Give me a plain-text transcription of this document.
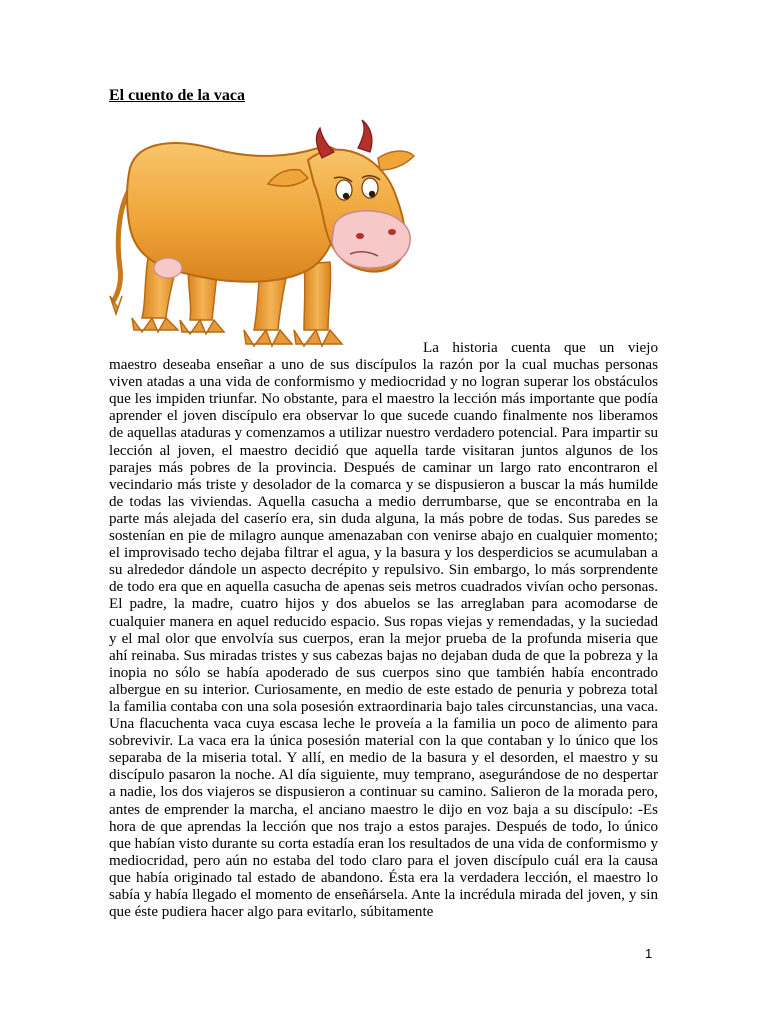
El cuento de la vaca

La historia cuenta que un viejo
maestro deseaba enseñar a uno de sus discípulos la razón por la cual muchas personas viven atadas a una vida de conformismo y mediocridad y no logran superar los obstáculos que les impiden triunfar. No obstante, para el maestro la lección más importante que podía aprender el joven discípulo era observar lo que sucede cuando finalmente nos liberamos de aquellas ataduras y comenzamos a utilizar nuestro verdadero potencial. Para impartir su lección al joven, el maestro decidió que aquella tarde visitaran juntos algunos de los parajes más pobres de la provincia. Después de caminar un largo rato encontraron el vecindario más triste y desolador de la comarca y se dispusieron a buscar la más humilde de todas las viviendas. Aquella casucha a medio derrumbarse, que se encontraba en la parte más alejada del caserío era, sin duda alguna, la más pobre de todas. Sus paredes se sostenían en pie de milagro aunque amenazaban con venirse abajo en cualquier momento; el improvisado techo dejaba filtrar el agua, y la basura y los desperdicios se acumulaban a su alrededor dándole un aspecto decrépito y repulsivo. Sin embargo, lo más sorprendente de todo era que en aquella casucha de apenas seis metros cuadrados vivían ocho personas. El padre, la madre, cuatro hijos y dos abuelos se las arreglaban para acomodarse de cualquier manera en aquel reducido espacio. Sus ropas viejas y remendadas, y la suciedad y el mal olor que envolvía sus cuerpos, eran la mejor prueba de la profunda miseria que ahí reinaba. Sus miradas tristes y sus cabezas bajas no dejaban duda de que la pobreza y la inopia no sólo se había apoderado de sus cuerpos sino que también había encontrado albergue en su interior. Curiosamente, en medio de este estado de penuria y pobreza total la familia contaba con una sola posesión extraordinaria bajo tales circunstancias, una vaca. Una flacuchenta vaca cuya escasa leche le proveía a la familia un poco de alimento para sobrevivir. La vaca era la única posesión material con la que contaban y lo único que los separaba de la miseria total. Y allí, en medio de la basura y el desorden, el maestro y su discípulo pasaron la noche. Al día siguiente, muy temprano, asegurándose de no despertar a nadie, los dos viajeros se dispusieron a continuar su camino. Salieron de la morada pero, antes de emprender la marcha, el anciano maestro le dijo en voz baja a su discípulo: -Es hora de que aprendas la lección que nos trajo a estos parajes. Después de todo, lo único que habían visto durante su corta estadía eran los resultados de una vida de conformismo y mediocridad, pero aún no estaba del todo claro para el joven discípulo cuál era la causa que había originado tal estado de abandono. Ésta era la verdadera lección, el maestro lo sabía y había llegado el momento de enseñársela. Ante la incrédula mirada del joven, y sin que éste pudiera hacer algo para evitarlo, súbitamente

1
